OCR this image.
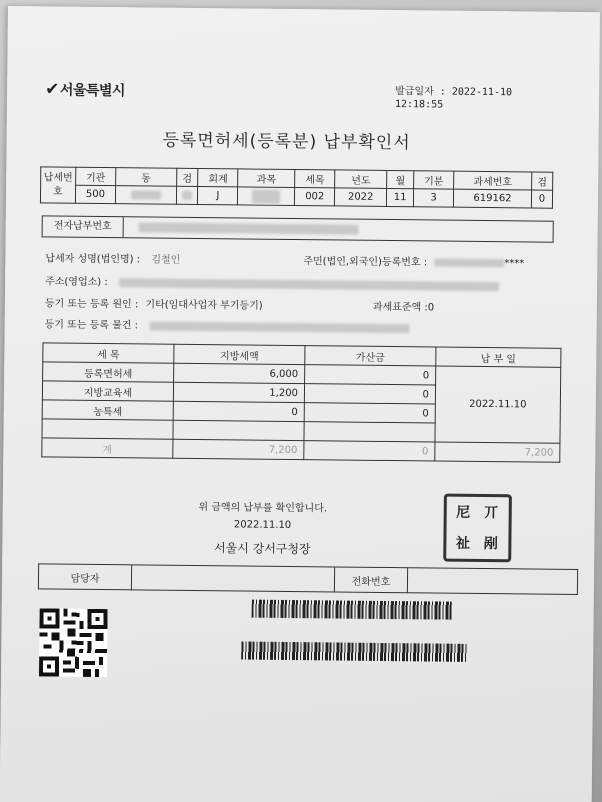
✔서울특별시	발급일자 : 2022-11-10
12:18:55
등록면허세(등록분) 납부확인서
납세번호	기관	동	검	회계	과목	세목	년도	월	기분	과세번호	검
	500			J		002	2022	11	3	619162	0
전자납부번호
납세자 성명(법인명) : 김철인	주민(법인,외국인)등록번호 :	****
주소(영업소) :
등기 또는 등록 원인 : 기타(임대사업자 부기등기)	과세표준액 :0
등기 또는 등록 물건 :
세 목	지방세액	가산금	납 부 일
등록면허세	6,000	0	2022.11.10
지방교육세	1,200	0	
농특세	0	0	

계	7,200	0	7,200
위 금액의 납부를 확인합니다.
2022.11.10
서울시 강서구청장
尼 丌
祉 剐
담당자		전화번호	
